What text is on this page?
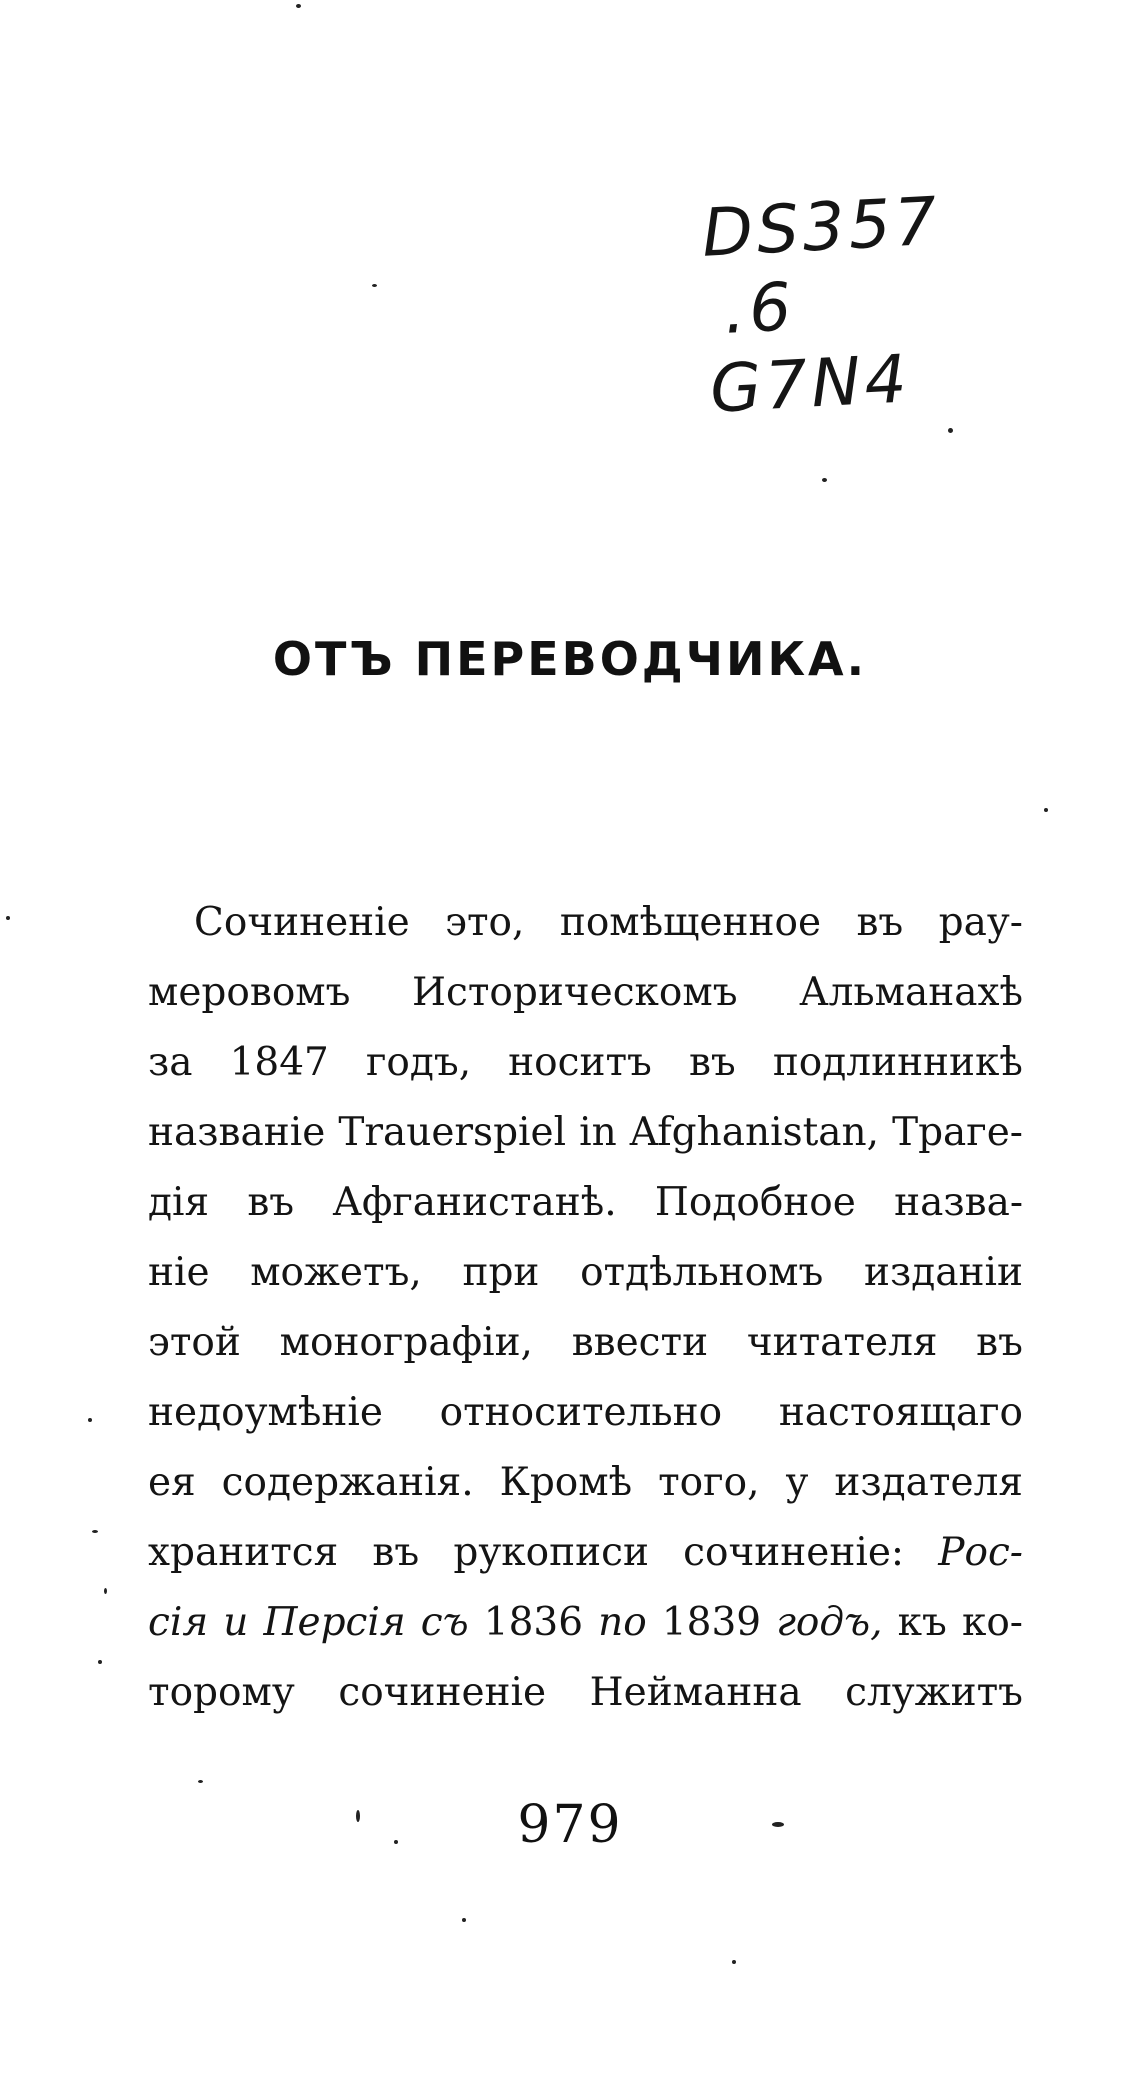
DS357
.6
G7N4
ОТЪ ПЕРЕВОДЧИКА.
Сочиненіе это, помѣщенное въ рау-
меровомъ Историческомъ Альманахѣ
за 1847 годъ, носитъ въ подлинникѣ
названіе Trauerspiel in Afghanistan, Траге-
дія въ Афганистанѣ. Подобное назва-
ніе можетъ, при отдѣльномъ изданіи
этой монографіи, ввести читателя въ
недоумѣніе относительно настоящаго
ея содержанія. Кромѣ того, у издателя
хранится въ рукописи сочиненіе: Рос-
сія и Персія съ 1836 по 1839 годъ, къ ко-
торому сочиненіе Нейманна служитъ
979
